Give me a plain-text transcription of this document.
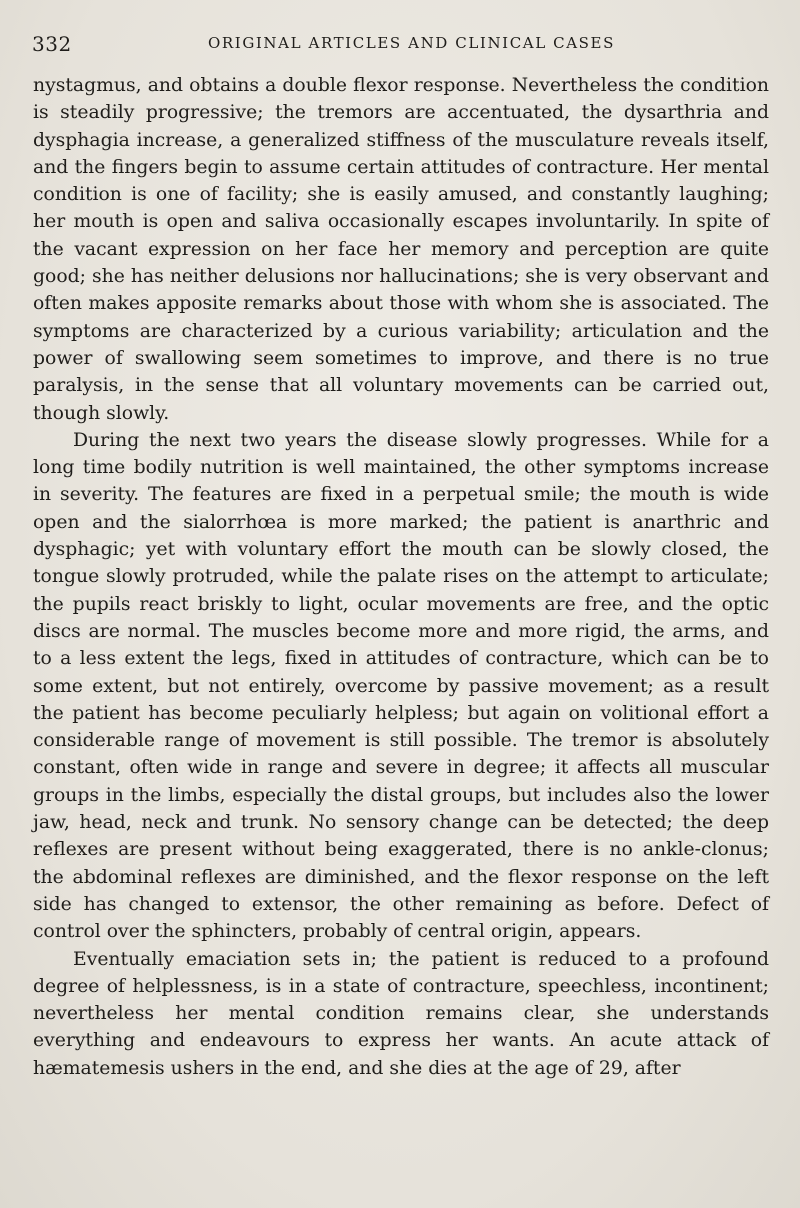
332	ORIGINAL ARTICLES AND CLINICAL CASES

nystagmus, and obtains a double flexor response. Nevertheless the condition is steadily progressive; the tremors are accentuated, the dysarthria and dysphagia increase, a generalized stiffness of the musculature reveals itself, and the fingers begin to assume certain attitudes of contracture. Her mental condition is one of facility; she is easily amused, and constantly laughing; her mouth is open and saliva occasionally escapes involuntarily. In spite of the vacant expression on her face her memory and perception are quite good; she has neither delusions nor hallucinations; she is very observant and often makes apposite remarks about those with whom she is associated. The symptoms are characterized by a curious variability; articulation and the power of swallowing seem sometimes to improve, and there is no true paralysis, in the sense that all voluntary movements can be carried out, though slowly.

During the next two years the disease slowly progresses. While for a long time bodily nutrition is well maintained, the other symptoms increase in severity. The features are fixed in a perpetual smile; the mouth is wide open and the sialorrhœa is more marked; the patient is anarthric and dysphagic; yet with voluntary effort the mouth can be slowly closed, the tongue slowly protruded, while the palate rises on the attempt to articulate; the pupils react briskly to light, ocular movements are free, and the optic discs are normal. The muscles become more and more rigid, the arms, and to a less extent the legs, fixed in attitudes of contracture, which can be to some extent, but not entirely, overcome by passive movement; as a result the patient has become peculiarly helpless; but again on volitional effort a considerable range of movement is still possible. The tremor is absolutely constant, often wide in range and severe in degree; it affects all muscular groups in the limbs, especially the distal groups, but includes also the lower jaw, head, neck and trunk. No sensory change can be detected; the deep reflexes are present without being exaggerated, there is no ankle-clonus; the abdominal reflexes are diminished, and the flexor response on the left side has changed to extensor, the other remaining as before. Defect of control over the sphincters, probably of central origin, appears.

Eventually emaciation sets in; the patient is reduced to a profound degree of helplessness, is in a state of contracture, speechless, incontinent; nevertheless her mental condition remains clear, she understands everything and endeavours to express her wants. An acute attack of hæmatemesis ushers in the end, and she dies at the age of 29, after
